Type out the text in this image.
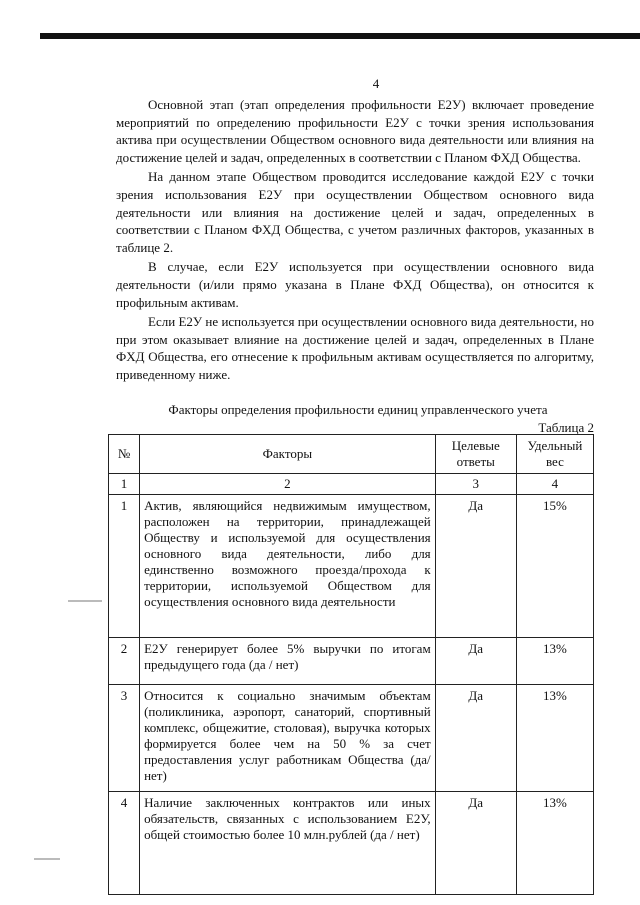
4

Основной этап (этап определения профильности Е2У) включает проведение мероприятий по определению профильности Е2У с точки зрения использования актива при осуществлении Обществом основного вида деятельности или влияния на достижение целей и задач, определенных в соответствии с Планом ФХД Общества.

На данном этапе Обществом проводится исследование каждой Е2У с точки зрения использования Е2У при осуществлении Обществом основного вида деятельности или влияния на достижение целей и задач, определенных в соответствии с Планом ФХД Общества, с учетом различных факторов, указанных в таблице 2.

В случае, если Е2У используется при осуществлении основного вида деятельности (и/или прямо указана в Плане ФХД Общества), он относится к профильным активам.

Если Е2У не используется при осуществлении основного вида деятельности, но при этом оказывает влияние на достижение целей и задач, определенных в Плане ФХД Общества, его отнесение к профильным активам осуществляется по алгоритму, приведенному ниже.

Факторы определения профильности единиц управленческого учета
Таблица 2
№	Факторы	Целевые ответы	Удельный вес
1	2	3	4
1	Актив, являющийся недвижимым имуществом, расположен на территории, принадлежащей Обществу и используемой для осуществления основного вида деятельности, либо для единственно возможного проезда/прохода к территории, используемой Обществом для осуществления основного вида деятельности	Да	15%
2	Е2У генерирует более 5% выручки по итогам предыдущего года (да / нет)	Да	13%
3	Относится к социально значимым объектам (поликлиника, аэропорт, санаторий, спортивный комплекс, общежитие, столовая), выручка которых формируется более чем на 50 % за счет предоставления услуг работникам Общества (да/нет)	Да	13%
4	Наличие заключенных контрактов или иных обязательств, связанных с использованием Е2У, общей стоимостью более 10 млн.рублей (да / нет)	Да	13%
